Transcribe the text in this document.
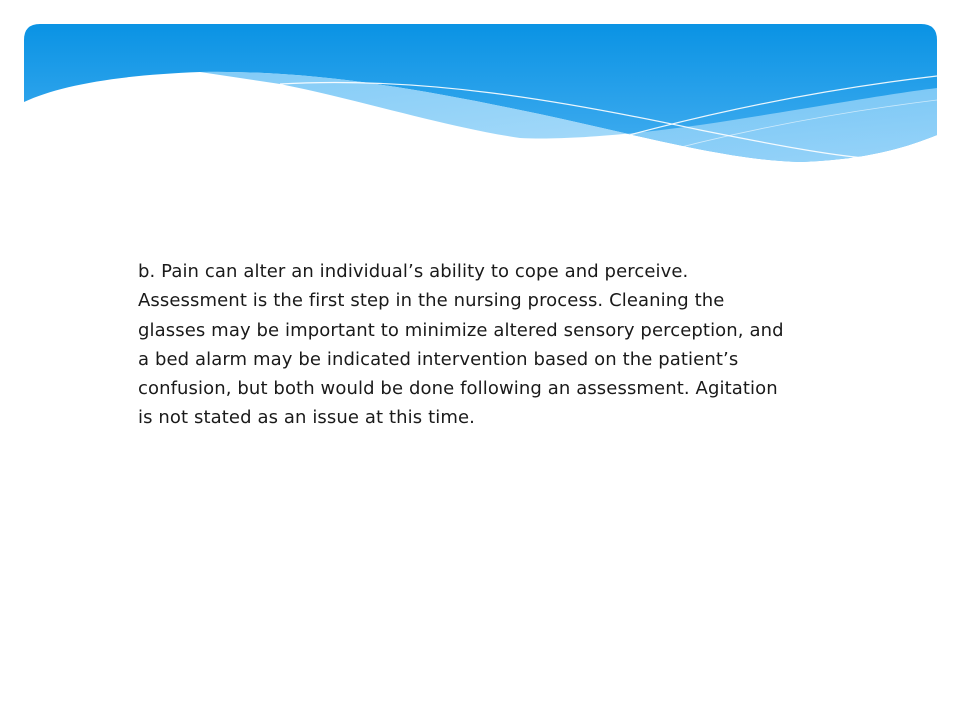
b. Pain can alter an individual’s ability to cope and perceive. Assessment is the first step in the nursing process. Cleaning the glasses may be important to minimize altered sensory perception, and a bed alarm may be indicated intervention based on the patient’s confusion, but both would be done following an assessment. Agitation is not stated as an issue at this time.
